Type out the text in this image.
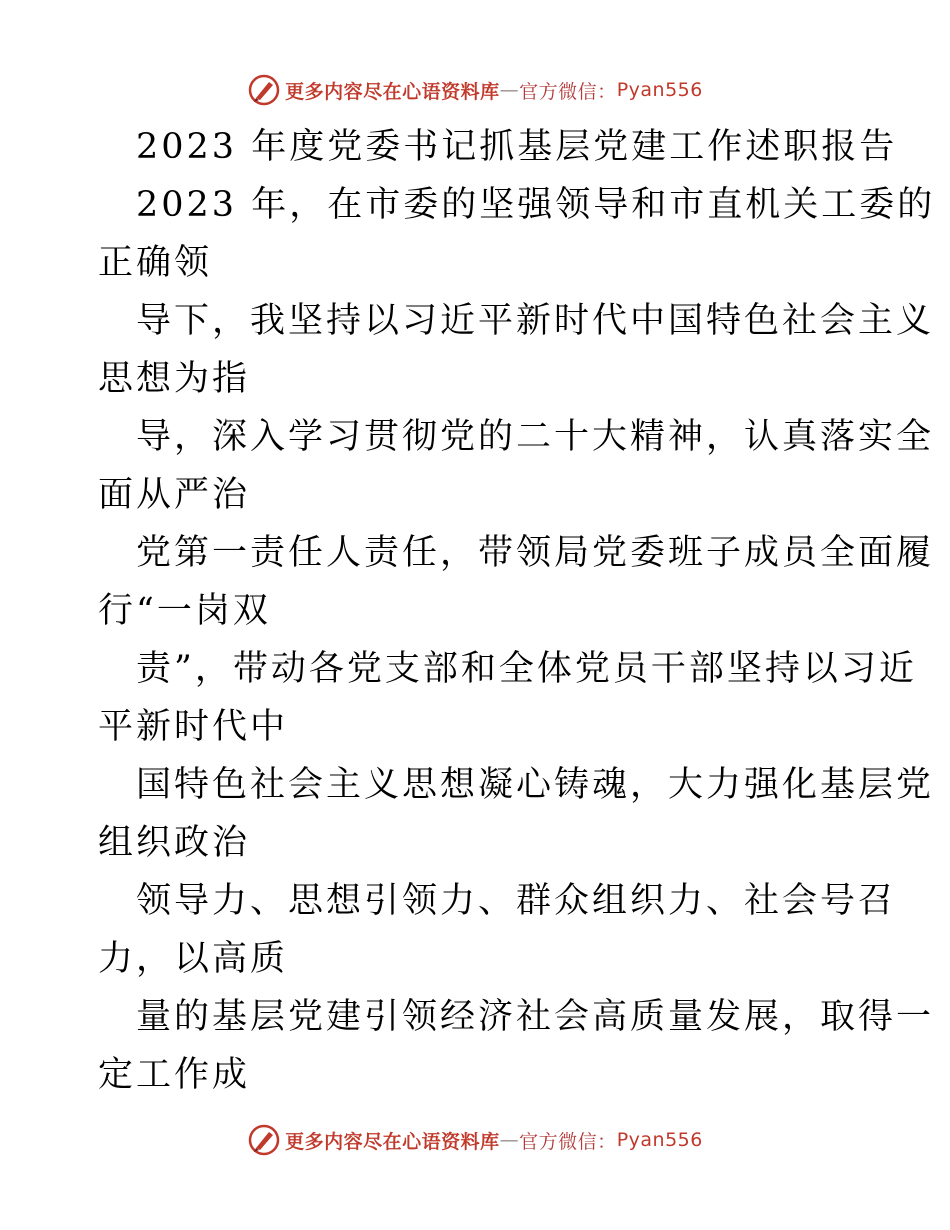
更多内容尽在心语资料库 — 官方微信： Pyan556
2023 年度党委书记抓基层党建工作述职报告
2023 年，在市委的坚强领导和市直机关工委的
正确领
导下，我坚持以习近平新时代中国特色社会主义
思想为指
导，深入学习贯彻党的二十大精神，认真落实全
面从严治
党第一责任人责任，带领局党委班子成员全面履
行“一岗双
责”，带动各党支部和全体党员干部坚持以习近
平新时代中
国特色社会主义思想凝心铸魂，大力强化基层党
组织政治
领导力、思想引领力、群众组织力、社会号召
力，以高质
量的基层党建引领经济社会高质量发展，取得一
定工作成
更多内容尽在心语资料库 — 官方微信： Pyan556
